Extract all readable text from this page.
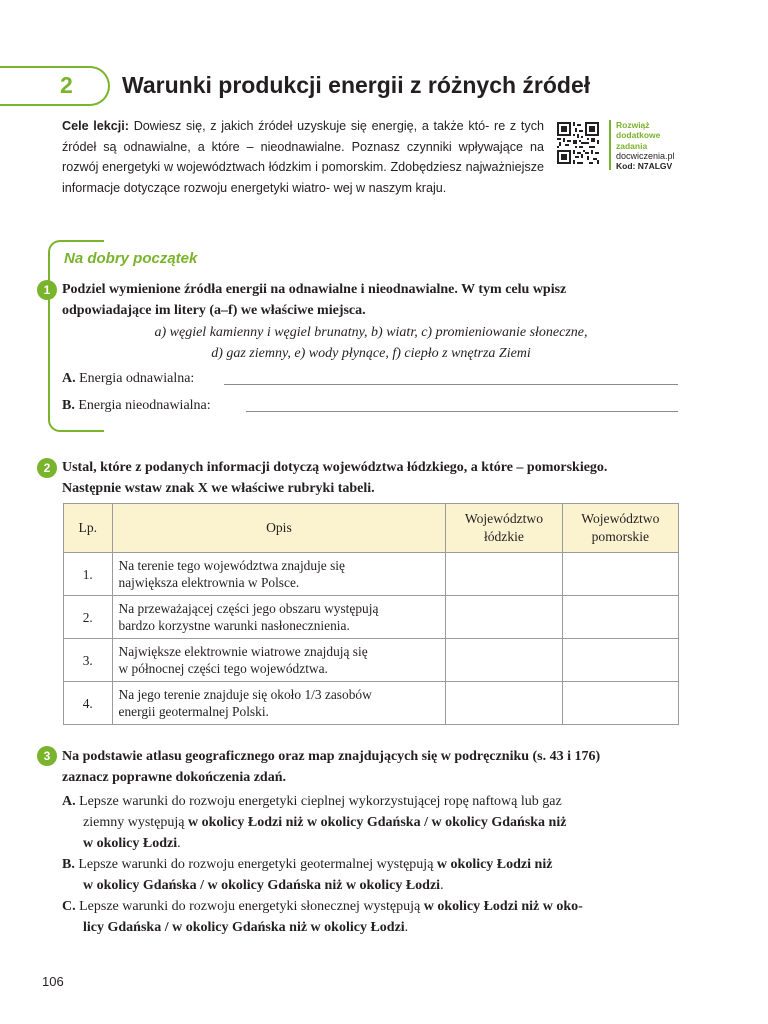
2	Warunki produkcji energii z różnych źródeł
Cele lekcji: Dowiesz się, z jakich źródeł uzyskuje się energię, a także któ- re z tych źródeł są odnawialne, a które – nieodnawialne. Poznasz czynniki wpływające na rozwój energetyki w województwach łódzkim i pomorskim. Zdobędziesz najważniejsze informacje dotyczące rozwoju energetyki wiatro- wej w naszym kraju.
Rozwiąż
dodatkowe
zadania
docwiczenia.pl
Kod: N7ALGV
Na dobry początek
1 Podziel wymienione źródła energii na odnawialne i nieodnawialne. W tym celu wpisz
odpowiadające im litery (a–f) we właściwe miejsca.
a) węgiel kamienny i węgiel brunatny, b) wiatr, c) promieniowanie słoneczne,
d) gaz ziemny, e) wody płynące, f) ciepło z wnętrza Ziemi
A. Energia odnawialna:
B. Energia nieodnawialna:
2 Ustal, które z podanych informacji dotyczą województwa łódzkiego, a które – pomorskiego.
Następnie wstaw znak X we właściwe rubryki tabeli.
Lp.	Opis	Województwo
łódzkie	Województwo
pomorskie

1.	Na terenie tego województwa znajduje się
największa elektrownia w Polsce.		
2.	Na przeważającej części jego obszaru występują
bardzo korzystne warunki nasłonecznienia.		
3.	Największe elektrownie wiatrowe znajdują się
w północnej części tego województwa.		
4.	Na jego terenie znajduje się około 1/3 zasobów
energii geotermalnej Polski.		
3 Na podstawie atlasu geograficznego oraz map znajdujących się w podręczniku (s. 43 i 176)
zaznacz poprawne dokończenia zdań.
A. Lepsze warunki do rozwoju energetyki cieplnej wykorzystującej ropę naftową lub gaz
ziemny występują w okolicy Łodzi niż w okolicy Gdańska / w okolicy Gdańska niż
w okolicy Łodzi.
B. Lepsze warunki do rozwoju energetyki geotermalnej występują w okolicy Łodzi niż
w okolicy Gdańska / w okolicy Gdańska niż w okolicy Łodzi.
C. Lepsze warunki do rozwoju energetyki słonecznej występują w okolicy Łodzi niż w oko-
licy Gdańska / w okolicy Gdańska niż w okolicy Łodzi.
106
